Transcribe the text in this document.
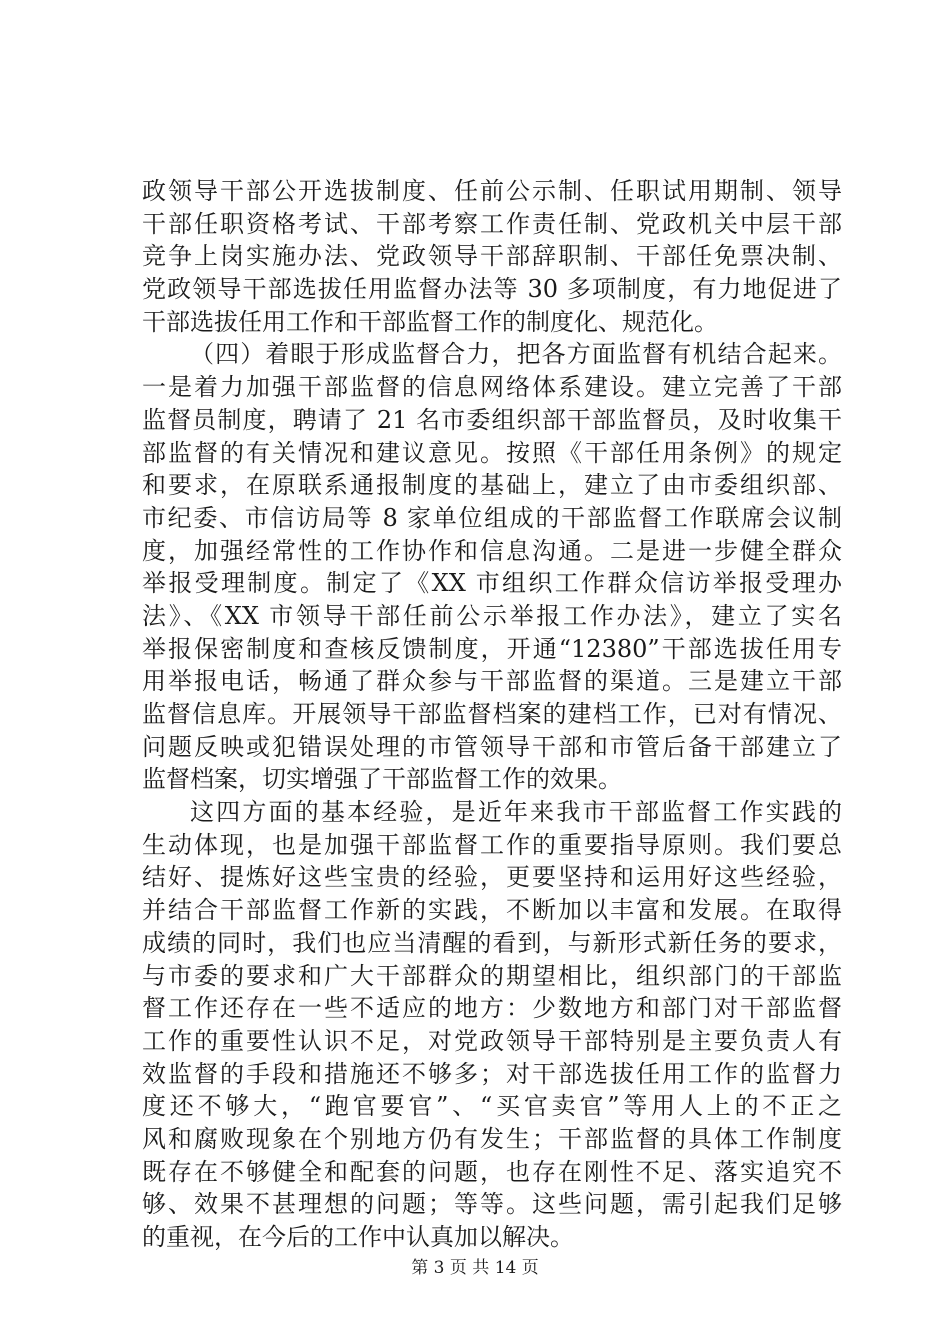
政领导干部公开选拔制度、任前公示制、任职试用期制、领导
干部任职资格考试、干部考察工作责任制、党政机关中层干部
竞争上岗实施办法、党政领导干部辞职制、干部任免票决制、
党政领导干部选拔任用监督办法等 30 多项制度，有力地促进了
干部选拔任用工作和干部监督工作的制度化、规范化。
（四）着眼于形成监督合力，把各方面监督有机结合起来。
一是着力加强干部监督的信息网络体系建设。建立完善了干部
监督员制度，聘请了 21 名市委组织部干部监督员，及时收集干
部监督的有关情况和建议意见。按照《干部任用条例》的规定
和要求，在原联系通报制度的基础上，建立了由市委组织部、
市纪委、市信访局等 8 家单位组成的干部监督工作联席会议制
度，加强经常性的工作协作和信息沟通。二是进一步健全群众
举报受理制度。制定了《XX 市组织工作群众信访举报受理办
法》、《XX 市领导干部任前公示举报工作办法》，建立了实名
举报保密制度和查核反馈制度，开通“12380”干部选拔任用专
用举报电话，畅通了群众参与干部监督的渠道。三是建立干部
监督信息库。开展领导干部监督档案的建档工作，已对有情况、
问题反映或犯错误处理的市管领导干部和市管后备干部建立了
监督档案，切实增强了干部监督工作的效果。
这四方面的基本经验，是近年来我市干部监督工作实践的
生动体现，也是加强干部监督工作的重要指导原则。我们要总
结好、提炼好这些宝贵的经验，更要坚持和运用好这些经验，
并结合干部监督工作新的实践，不断加以丰富和发展。在取得
成绩的同时，我们也应当清醒的看到，与新形式新任务的要求，
与市委的要求和广大干部群众的期望相比，组织部门的干部监
督工作还存在一些不适应的地方：少数地方和部门对干部监督
工作的重要性认识不足，对党政领导干部特别是主要负责人有
效监督的手段和措施还不够多；对干部选拔任用工作的监督力
度还不够大，“跑官要官”、“买官卖官”等用人上的不正之
风和腐败现象在个别地方仍有发生；干部监督的具体工作制度
既存在不够健全和配套的问题，也存在刚性不足、落实追究不
够、效果不甚理想的问题；等等。这些问题，需引起我们足够
的重视，在今后的工作中认真加以解决。
第 3 页 共 14 页
